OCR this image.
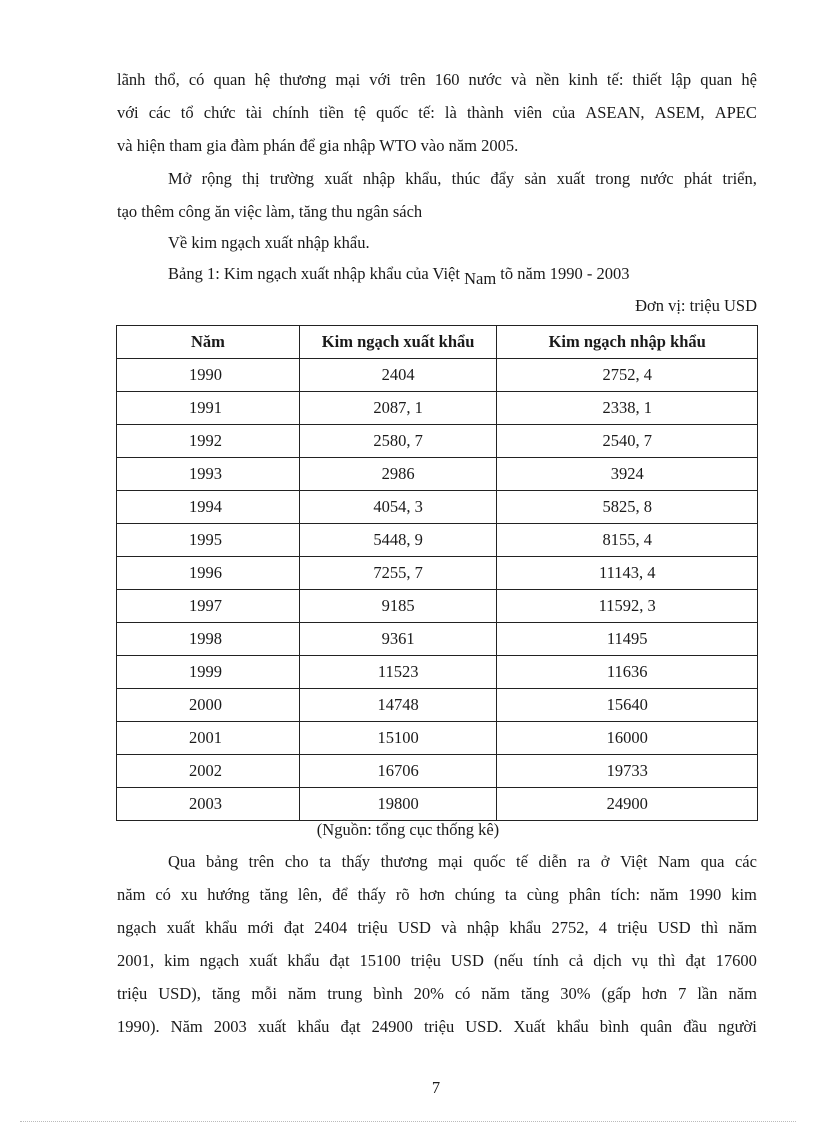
lãnh thổ, có quan hệ thương mại với trên 160 nước và nền kinh tế: thiết lập quan hệ
với các tổ chức tài chính tiền tệ quốc tế: là thành viên của ASEAN, ASEM, APEC
và hiện tham gia đàm phán để gia nhập WTO vào năm 2005.
Mở rộng thị trường xuất nhập khẩu, thúc đẩy sản xuất trong nước phát triển,
tạo thêm công ăn việc làm, tăng thu ngân sách
Về kim ngạch xuất nhập khẩu.
Bảng 1: Kim ngạch xuất nhập khẩu của Việt Nam tõ năm 1990 - 2003
Đơn vị: triệu USD
Năm	Kim ngạch xuất khẩu	Kim ngạch nhập khẩu
1990	2404	2752, 4
1991	2087, 1	2338, 1
1992	2580, 7	2540, 7
1993	2986	3924
1994	4054, 3	5825, 8
1995	5448, 9	8155, 4
1996	7255, 7	11143, 4
1997	9185	11592, 3
1998	9361	11495
1999	11523	11636
2000	14748	15640
2001	15100	16000
2002	16706	19733
2003	19800	24900
(Nguồn: tổng cục thống kê)
Qua bảng trên cho ta thấy thương mại quốc tế diễn ra ở Việt Nam qua các
năm có xu hướng tăng lên, để thấy rõ hơn chúng ta cùng phân tích: năm 1990 kim
ngạch xuất khẩu mới đạt 2404 triệu USD và nhập khẩu 2752, 4 triệu USD thì năm
2001, kim ngạch xuất khẩu đạt 15100 triệu USD (nếu tính cả dịch vụ thì đạt 17600
triệu USD), tăng mỗi năm trung bình 20% có năm tăng 30% (gấp hơn 7 lần năm
1990). Năm 2003 xuất khẩu đạt 24900 triệu USD. Xuất khẩu bình quân đầu người
7
